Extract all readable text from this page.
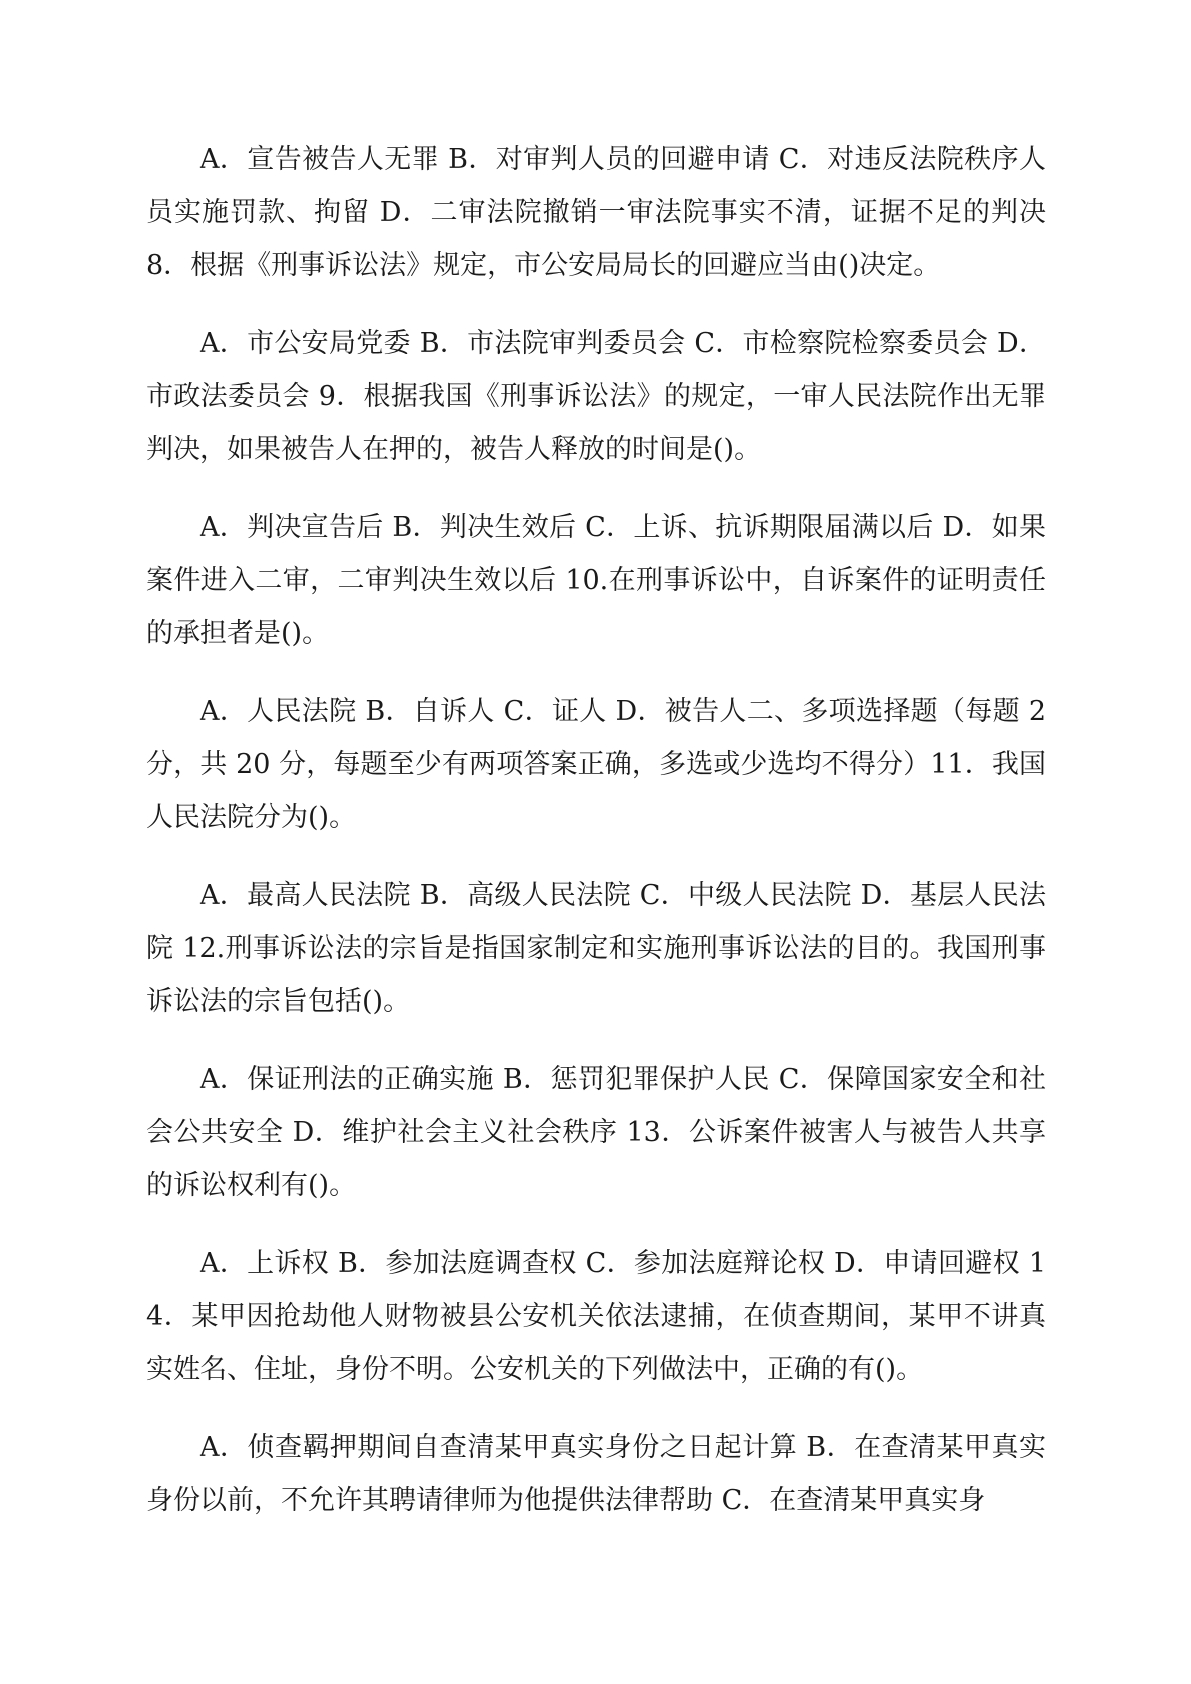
A．宣告被告人无罪 B．对审判人员的回避申请 C．对违反法院秩序人员实施罚款、拘留 D．二审法院撤销一审法院事实不清，证据不足的判决 8．根据《刑事诉讼法》规定，市公安局局长的回避应当由()决定。

A．市公安局党委 B．市法院审判委员会 C．市检察院检察委员会 D．市政法委员会 9．根据我国《刑事诉讼法》的规定，一审人民法院作出无罪判决，如果被告人在押的，被告人释放的时间是()。

A．判决宣告后 B．判决生效后 C．上诉、抗诉期限届满以后 D．如果案件进入二审，二审判决生效以后 10.在刑事诉讼中，自诉案件的证明责任的承担者是()。

A．人民法院 B．自诉人 C．证人 D．被告人二、多项选择题（每题 2 分，共 20 分，每题至少有两项答案正确，多选或少选均不得分）11．我国人民法院分为()。

A．最高人民法院 B．高级人民法院 C．中级人民法院 D．基层人民法院 12.刑事诉讼法的宗旨是指国家制定和实施刑事诉讼法的目的。我国刑事诉讼法的宗旨包括()。

A．保证刑法的正确实施 B．惩罚犯罪保护人民 C．保障国家安全和社会公共安全 D．维护社会主义社会秩序 13．公诉案件被害人与被告人共享的诉讼权利有()。

A．上诉权 B．参加法庭调查权 C．参加法庭辩论权 D．申请回避权 14．某甲因抢劫他人财物被县公安机关依法逮捕，在侦查期间，某甲不讲真实姓名、住址，身份不明。公安机关的下列做法中，正确的有()。

A．侦查羁押期间自查清某甲真实身份之日起计算 B．在查清某甲真实身份以前，不允许其聘请律师为他提供法律帮助 C．在查清某甲真实身
